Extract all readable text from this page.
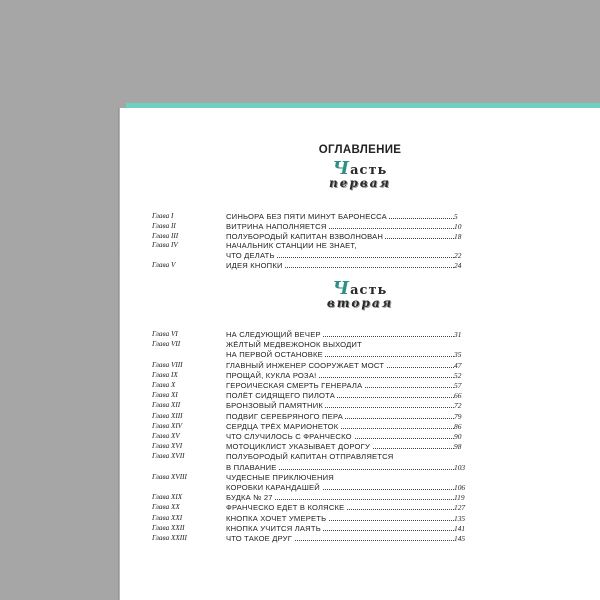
ОГЛАВЛЕНИЕ
Часть
первая
Часть
вторая
Глава I	СИНЬОРА БЕЗ ПЯТИ МИНУТ БАРОНЕССА	5
Глава II	ВИТРИНА НАПОЛНЯЕТСЯ	10
Глава III	ПОЛУБОРОДЫЙ КАПИТАН ВЗВОЛНОВАН	18
Глава IV	НАЧАЛЬНИК СТАНЦИИ НЕ ЗНАЕТ,
ЧТО ДЕЛАТЬ	22
Глава V	ИДЕЯ КНОПКИ	24
Глава VI	НА СЛЕДУЮЩИЙ ВЕЧЕР	31
Глава VII	ЖЁЛТЫЙ МЕДВЕЖОНОК ВЫХОДИТ
НА ПЕРВОЙ ОСТАНОВКЕ	35
Глава VIII	ГЛАВНЫЙ ИНЖЕНЕР СООРУЖАЕТ МОСТ	47
Глава IX	ПРОЩАЙ, КУКЛА РОЗА!	52
Глава X	ГЕРОИЧЕСКАЯ СМЕРТЬ ГЕНЕРАЛА	57
Глава XI	ПОЛЁТ СИДЯЩЕГО ПИЛОТА	66
Глава XII	БРОНЗОВЫЙ ПАМЯТНИК	72
Глава XIII	ПОДВИГ СЕРЕБРЯНОГО ПЕРА	79
Глава XIV	СЕРДЦА ТРЁХ МАРИОНЕТОК	86
Глава XV	ЧТО СЛУЧИЛОСЬ С ФРАНЧЕСКО	90
Глава XVI	МОТОЦИКЛИСТ УКАЗЫВАЕТ ДОРОГУ	98
Глава XVII	ПОЛУБОРОДЫЙ КАПИТАН ОТПРАВЛЯЕТСЯ
В ПЛАВАНИЕ	103
Глава XVIII	ЧУДЕСНЫЕ ПРИКЛЮЧЕНИЯ
КОРОБКИ КАРАНДАШЕЙ	106
Глава XIX	БУДКА № 27	119
Глава XX	ФРАНЧЕСКО ЕДЕТ В КОЛЯСКЕ	127
Глава XXI	КНОПКА ХОЧЕТ УМЕРЕТЬ	135
Глава XXII	КНОПКА УЧИТСЯ ЛАЯТЬ	141
Глава XXIII	ЧТО ТАКОЕ ДРУГ	145
